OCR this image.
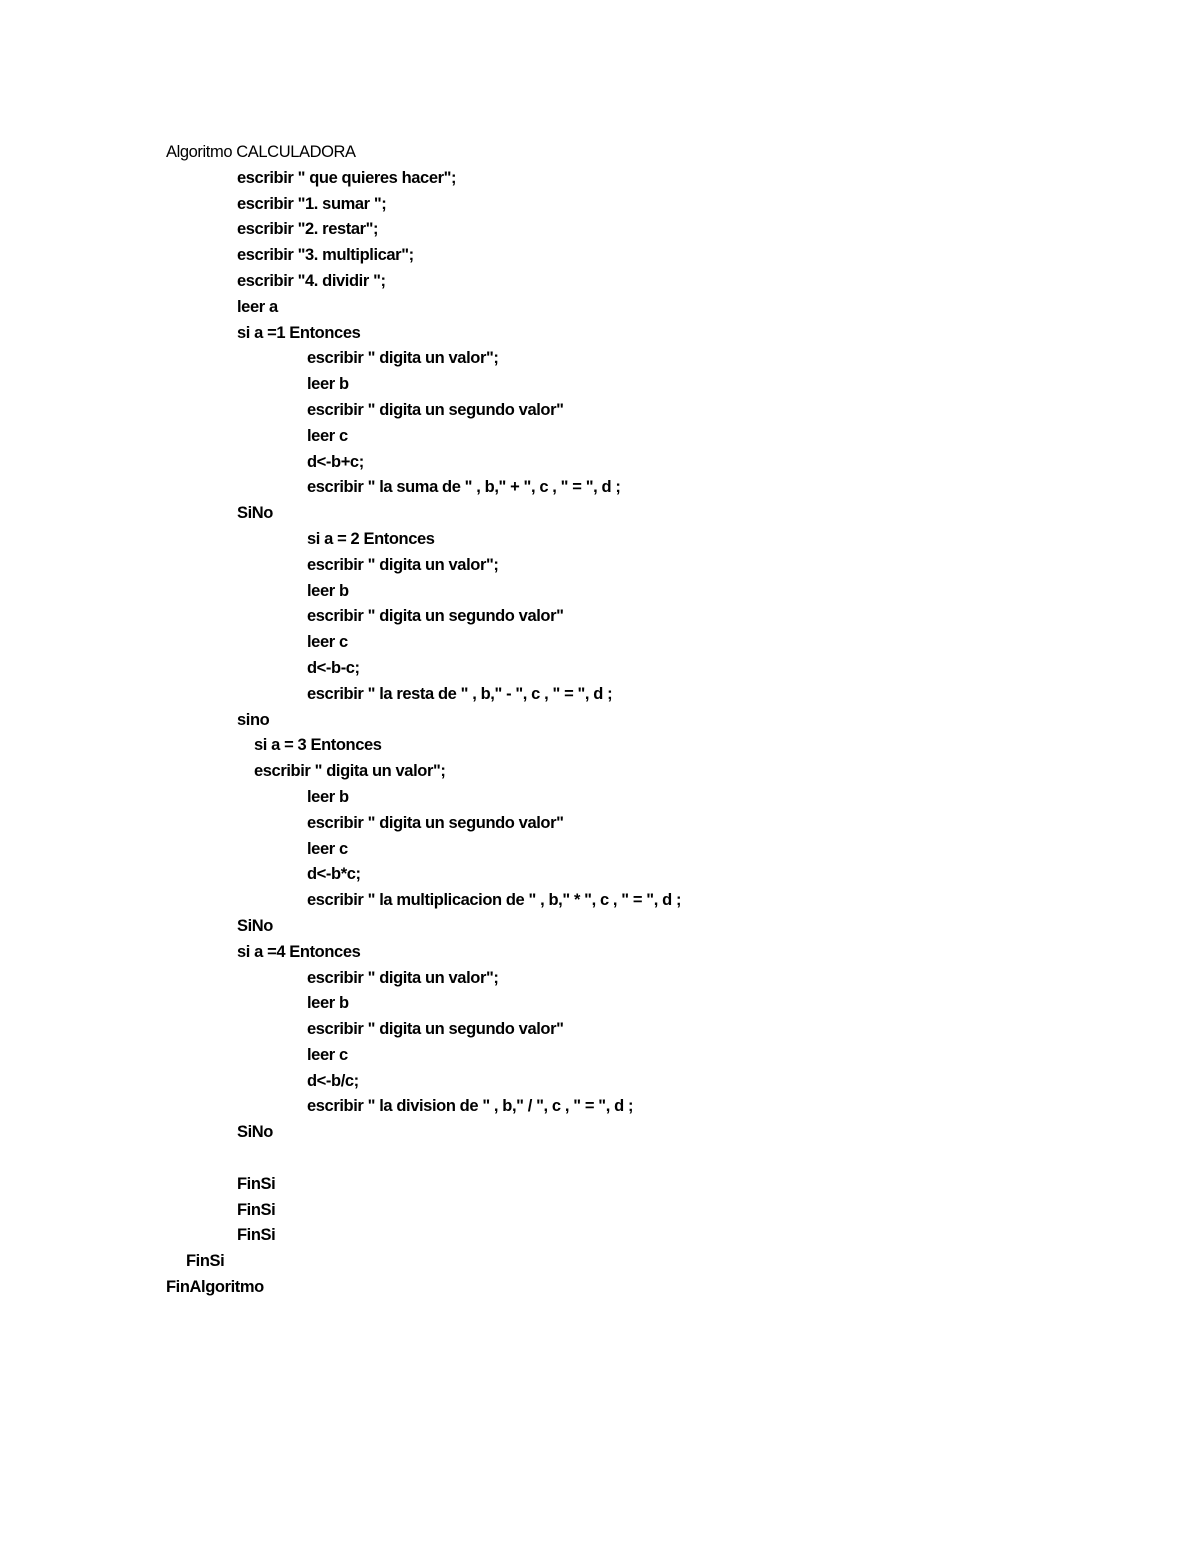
Algoritmo CALCULADORA
escribir " que quieres hacer";
escribir "1. sumar ";
escribir "2. restar";
escribir "3. multiplicar";
escribir "4. dividir ";
leer a
si a =1 Entonces
escribir " digita un valor";
leer b
escribir " digita un segundo valor"
leer c
d<-b+c;
escribir " la suma de " , b," + ", c , " = ", d ;
SiNo
si a = 2 Entonces
escribir " digita un valor";
leer b
escribir " digita un segundo valor"
leer c
d<-b-c;
escribir " la resta de " , b," - ", c , " = ", d ;
sino
si a = 3 Entonces
escribir " digita un valor";
leer b
escribir " digita un segundo valor"
leer c
d<-b*c;
escribir " la multiplicacion de " , b," * ", c , " = ", d ;
SiNo
si a =4 Entonces
escribir " digita un valor";
leer b
escribir " digita un segundo valor"
leer c
d<-b/c;
escribir " la division de " , b," / ", c , " = ", d ;
SiNo
FinSi
FinSi
FinSi
FinSi
FinAlgoritmo
